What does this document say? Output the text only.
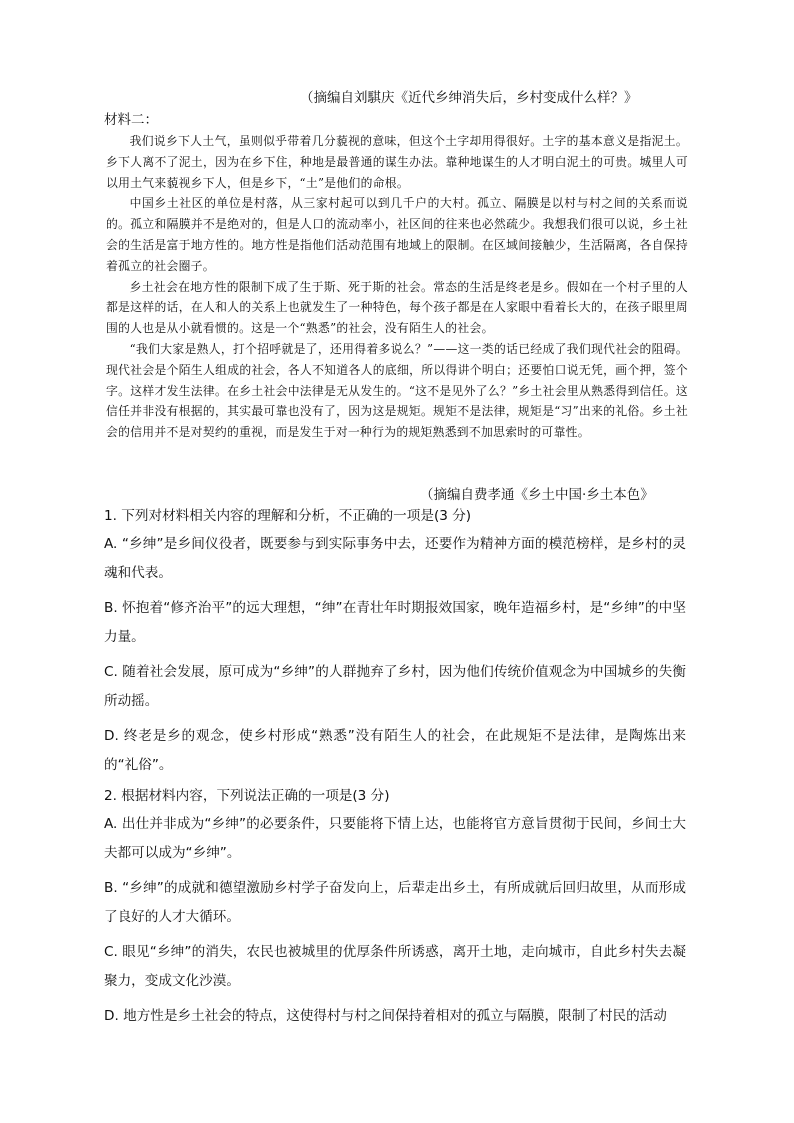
（摘编自刘騏庆《近代乡绅消失后，乡村变成什么样？》
材料二：

我们说乡下人土气，虽则似乎带着几分藐视的意味，但这个土字却用得很好。土字的基本意义是指泥土。乡下人离不了泥土，因为在乡下住，种地是最普通的谋生办法。靠种地谋生的人才明白泥土的可贵。城里人可以用土气来藐视乡下人，但是乡下，“土”是他们的命根。

中国乡土社区的单位是村落，从三家村起可以到几千户的大村。孤立、隔膜是以村与村之间的关系而说的。孤立和隔膜并不是绝对的，但是人口的流动率小，社区间的往来也必然疏少。我想我们很可以说，乡土社会的生活是富于地方性的。地方性是指他们活动范围有地域上的限制。在区域间接触少，生活隔离，各自保持着孤立的社会圈子。

乡土社会在地方性的限制下成了生于斯、死于斯的社会。常态的生活是终老是乡。假如在一个村子里的人都是这样的话，在人和人的关系上也就发生了一种特色，每个孩子都是在人家眼中看着长大的，在孩子眼里周围的人也是从小就看惯的。这是一个“熟悉”的社会，没有陌生人的社会。

“我们大家是熟人，打个招呼就是了，还用得着多说么？”——这一类的话已经成了我们现代社会的阻碍。现代社会是个陌生人组成的社会，各人不知道各人的底细，所以得讲个明白；还要怕口说无凭，画个押，签个字。这样才发生法律。在乡土社会中法律是无从发生的。“这不是见外了么？”乡土社会里从熟悉得到信任。这信任并非没有根据的，其实最可靠也没有了，因为这是规矩。规矩不是法律，规矩是“习”出来的礼俗。乡土社会的信用并不是对契约的重视，而是发生于对一种行为的规矩熟悉到不加思索时的可靠性。

（摘编自费孝通《乡土中国·乡土本色》

1. 下列对材料相关内容的理解和分析，不正确的一项是(3 分)

A. “乡绅”是乡间仪役者，既要参与到实际事务中去，还要作为精神方面的模范榜样，是乡村的灵魂和代表。

B. 怀抱着“修齐治平”的远大理想，“绅”在青壮年时期报效国家，晚年造福乡村，是“乡绅”的中坚力量。

C. 随着社会发展，原可成为“乡绅”的人群抛弃了乡村，因为他们传统价值观念为中国城乡的失衡所动摇。

D. 终老是乡的观念，使乡村形成“熟悉”没有陌生人的社会，在此规矩不是法律，是陶炼出来的“礼俗”。

2. 根据材料内容，下列说法正确的一项是(3 分)

A. 出仕并非成为“乡绅”的必要条件，只要能将下情上达，也能将官方意旨贯彻于民间，乡间士大夫都可以成为“乡绅”。

B. “乡绅”的成就和德望激励乡村学子奋发向上，后辈走出乡土，有所成就后回归故里，从而形成了良好的人才大循环。

C. 眼见“乡绅”的消失，农民也被城里的优厚条件所诱惑，离开土地，走向城市，自此乡村失去凝聚力，变成文化沙漠。

D. 地方性是乡土社会的特点，这使得村与村之间保持着相对的孤立与隔膜，限制了村民的活动
